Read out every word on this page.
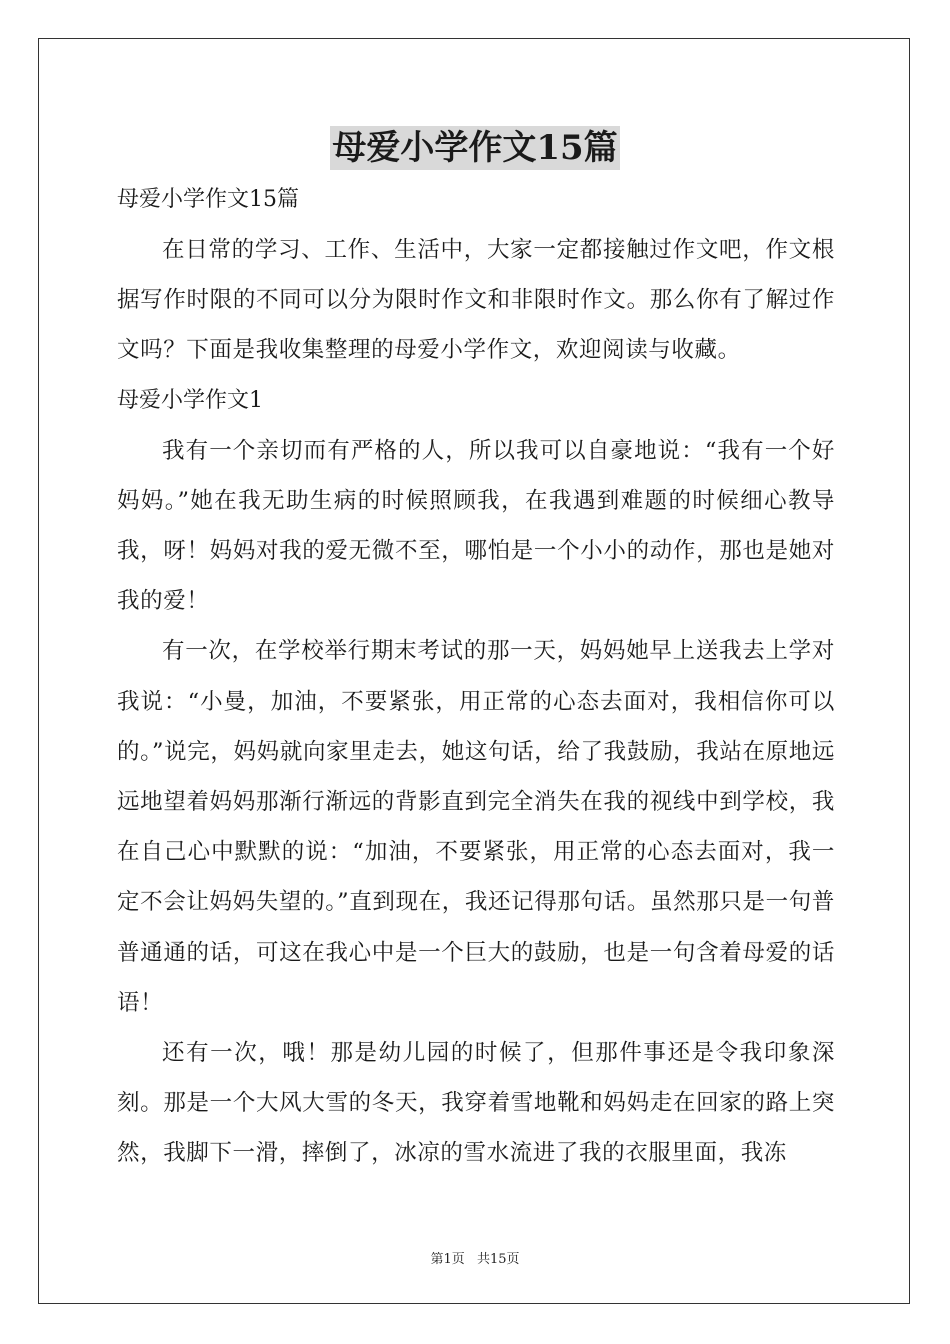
母爱小学作文15篇

母爱小学作文15篇

在日常的学习、工作、生活中，大家一定都接触过作文吧，作文根据写作时限的不同可以分为限时作文和非限时作文。那么你有了解过作文吗？下面是我收集整理的母爱小学作文，欢迎阅读与收藏。

母爱小学作文1

我有一个亲切而有严格的人，所以我可以自豪地说：“我有一个好妈妈。”她在我无助生病的时候照顾我，在我遇到难题的时候细心教导我，呀！妈妈对我的爱无微不至，哪怕是一个小小的动作，那也是她对我的爱！

有一次，在学校举行期末考试的那一天，妈妈她早上送我去上学对我说：“小曼，加油，不要紧张，用正常的心态去面对，我相信你可以的。”说完，妈妈就向家里走去，她这句话，给了我鼓励，我站在原地远远地望着妈妈那渐行渐远的背影直到完全消失在我的视线中到学校，我在自己心中默默的说：“加油，不要紧张，用正常的心态去面对，我一定不会让妈妈失望的。”直到现在，我还记得那句话。虽然那只是一句普普通通的话，可这在我心中是一个巨大的鼓励，也是一句含着母爱的话语！

还有一次，哦！那是幼儿园的时候了，但那件事还是令我印象深刻。那是一个大风大雪的冬天，我穿着雪地靴和妈妈走在回家的路上突然，我脚下一滑，摔倒了，冰凉的雪水流进了我的衣服里面，我冻

第1页 共15页
